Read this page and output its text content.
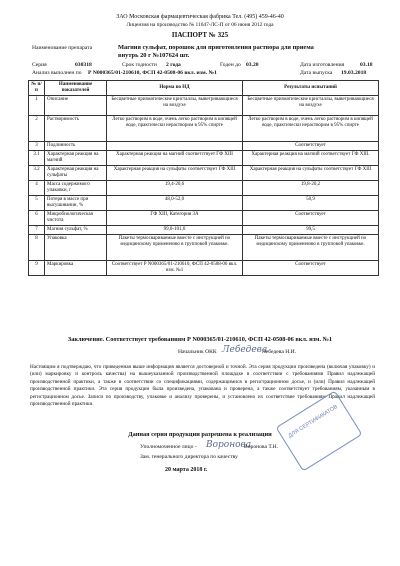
ЗАО Московская фармацевтическая фабрика Тел. (495) 459-46-40
Лицензия на производство № 11647-ЛС-П от 06 июня 2012 года
ПАСПОРТ № 325
Наименование препарата	Магния сульфат, порошок для приготовления раствора для приема
внутрь 20 г №107624 шт.
Серия	030318	Срок годности 2 года	Годен до 03.20	Дата изготовления	03.18
Анализ выполнен по Р N000365/01-210610, ФСП 42-0508-06 вкл. изм. №1	Дата выпуска 19.03.2018
№ п/п	Наименование показателей	Норма по НД	Результаты испытаний
1	Описание	Бесцветные призматические кристаллы, выветривающиеся на воздухе	Бесцветные призматические кристаллы, выветривающиеся на воздухе
2	Растворимость	Легко растворим в воде, очень легко растворим в кипящей воде, практически нерастворим в 95% спирте	Легко растворим в воде, очень легко растворим в кипящей воде, практически нерастворим в 95% спирте
3	Подлинность		Соответствует
3.1	Характерная реакция на магний	Характерная реакция на магний соответствует ГФ XIII	Характерная реакция на магний соответствует ГФ XIII.
3.2	Характерная реакция на сульфаты	Характерная реакция на сульфаты соответствует ГФ XIII	Характерная реакция на сульфаты соответствует ГФ XIII
4	Масса содержимого упаковки, г	19,4-20,6	19,8-20,2
5	Потеря в массе при высушивании, %	48,0-52,0	50,9
6	Микробиологическая чистота	ГФ XIII, Категория 3А	Соответствует
7	Магния сульфат, %	99,0-101,0	99,5
8	Упаковка	Пакеты термосвариваемые вместе с инструкцией по медицинскому применению в групповой упаковке.	Пакеты термосвариваемые вместе с инструкцией по медицинскому применению в групповой упаковке.
9	Маркировка	Соответствует Р N000365/01-210610, ФСП 42-0508-06 вкл. изм. №1	Соответствует
Заключение. Соответствует требованиям Р N000365/01-210610, ФСП 42-0508-06 вкл. изм. №1
Начальник ОКК Лебедева
Лебедева Н.И.
Настоящим я подтверждаю, что приведенная выше информация является достоверной и точной. Эта серия продукции произведена (включая упаковку) и (или) маркировку и контроль качества) на вышеуказанной производственной площадке в соответствии с требованиями Правил надлежащей производственной практики, а также в соответствии со спецификациями, содержащимися в регистрационном досье, и (или) Правил надлежащей производственной практики. Эта серия продукции была произведена, упакована и проверена, а также соответствует требованиям, указанным в регистрационном досье. Записи по производству, упаковке и анализу проверены, и установлено их соответствие требованиям Правил надлежащей производственной практики.
Данная серия продукции разрешена к реализации
Уполномоченное лицо - Воронова
Воронова Т.Н.
Зам. генерального директора по качеству
20 марта 2018 г.
ДЛЯ СЕРТИФИКАТОВ
